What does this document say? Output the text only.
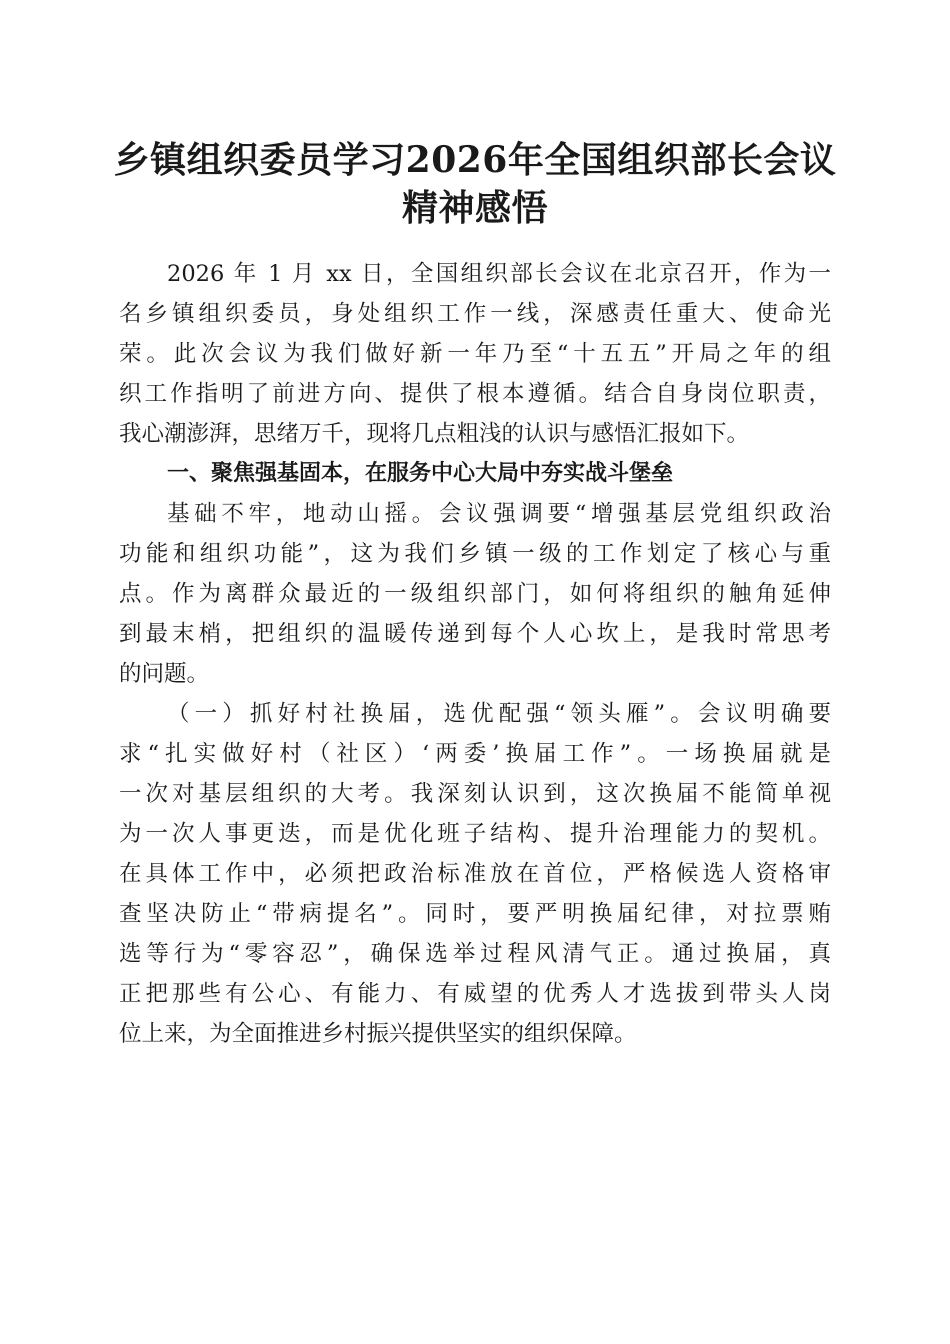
乡镇组织委员学习2026年全国组织部长会议
精神感悟
2026 年 1 月 xx 日，全国组织部长会议在北京召开，作为一
名乡镇组织委员，身处组织工作一线，深感责任重大、使命光
荣。此次会议为我们做好新一年乃至“十五五”开局之年的组
织工作指明了前进方向、提供了根本遵循。结合自身岗位职责，
我心潮澎湃，思绪万千，现将几点粗浅的认识与感悟汇报如下。
一、聚焦强基固本，在服务中心大局中夯实战斗堡垒
基础不牢，地动山摇。会议强调要“增强基层党组织政治
功能和组织功能”，这为我们乡镇一级的工作划定了核心与重
点。作为离群众最近的一级组织部门，如何将组织的触角延伸
到最末梢，把组织的温暖传递到每个人心坎上，是我时常思考
的问题。
（一）抓好村社换届，选优配强“领头雁”。会议明确要
求“扎实做好村（社区）‘两委’换届工作”。一场换届就是
一次对基层组织的大考。我深刻认识到，这次换届不能简单视
为一次人事更迭，而是优化班子结构、提升治理能力的契机。
在具体工作中，必须把政治标准放在首位，严格候选人资格审
查坚决防止“带病提名”。同时，要严明换届纪律，对拉票贿
选等行为“零容忍”，确保选举过程风清气正。通过换届，真
正把那些有公心、有能力、有威望的优秀人才选拔到带头人岗
位上来，为全面推进乡村振兴提供坚实的组织保障。
